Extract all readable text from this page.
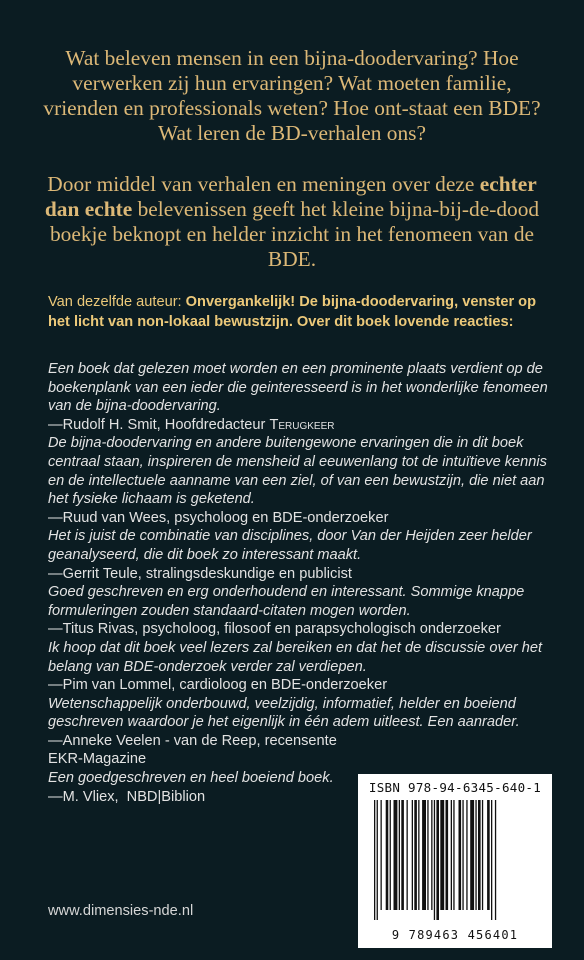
Wat beleven mensen in een bijna-doodervaring? Hoe verwerken zij hun ervaringen? Wat moeten familie, vrienden en professionals weten? Hoe ont-staat een BDE? Wat leren de BD-verhalen ons?

Door middel van verhalen en meningen over deze echter dan echte belevenissen geeft het kleine bijna-bij-de-dood boekje beknopt en helder inzicht in het fenomeen van de BDE.

Van dezelfde auteur: Onvergankelijk! De bijna-doodervaring, venster op het licht van non-lokaal bewustzijn. Over dit boek lovende reacties:

Een boek dat gelezen moet worden en een prominente plaats verdient op de boekenplank van een ieder die geinteresseerd is in het wonderlijke fenomeen van de bijna-doodervaring.

—Rudolf H. Smit, Hoofdredacteur Terugkeer

De bijna-doodervaring en andere buitengewone ervaringen die in dit boek centraal staan, inspireren de mensheid al eeuwenlang tot de intuïtieve kennis en de intellectuele aanname van een ziel, of van een bewustzijn, die niet aan het fysieke lichaam is geketend.

—Ruud van Wees, psycholoog en BDE-onderzoeker

Het is juist de combinatie van disciplines, door Van der Heijden zeer helder geanalyseerd, die dit boek zo interessant maakt.

—Gerrit Teule, stralingsdeskundige en publicist

Goed geschreven en erg onderhoudend en interessant. Sommige knappe formuleringen zouden standaard-citaten mogen worden.

—Titus Rivas, psycholoog, filosoof en parapsychologisch onderzoeker

Ik hoop dat dit boek veel lezers zal bereiken en dat het de discussie over het belang van BDE-onderzoek verder zal verdiepen.

—Pim van Lommel, cardioloog en BDE-onderzoeker

Wetenschappelijk onderbouwd, veelzijdig, informatief, helder en boeiend geschreven waardoor je het eigenlijk in één adem uitleest. Een aanrader.

—Anneke Veelen - van de Reep, recensente
EKR-Magazine

Een goedgeschreven en heel boeiend boek.

—M. Vliex,  NBD|Biblion

www.dimensies-nde.nl
ISBN 978-94-6345-640-1
9 789463 456401
